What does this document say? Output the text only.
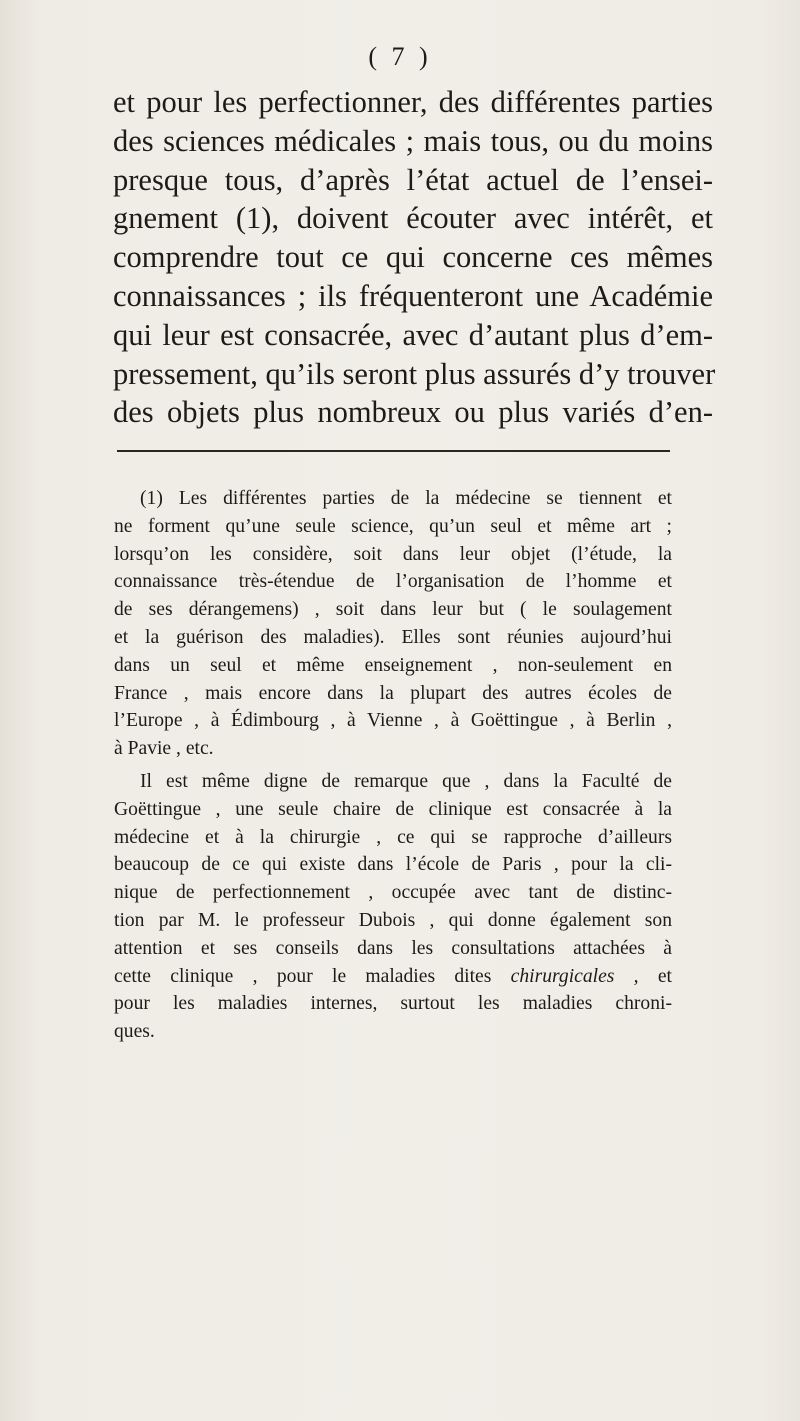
( 7 )
et pour les perfectionner, des différentes parties
des sciences médicales ; mais tous, ou du moins
presque tous, d’après l’état actuel de l’ensei-
gnement (1), doivent écouter avec intérêt, et
comprendre tout ce qui concerne ces mêmes
connaissances ; ils fréquenteront une Académie
qui leur est consacrée, avec d’autant plus d’em-
pressement, qu’ils seront plus assurés d’y trouver
des objets plus nombreux ou plus variés d’en-
(1) Les différentes parties de la médecine se tiennent et
ne forment qu’une seule science, qu’un seul et même art ;
lorsqu’on les considère, soit dans leur objet (l’étude, la
connaissance très-étendue de l’organisation de l’homme et
de ses dérangemens) , soit dans leur but ( le soulagement
et la guérison des maladies). Elles sont réunies aujourd’hui
dans un seul et même enseignement , non-seulement en
France , mais encore dans la plupart des autres écoles de
l’Europe , à Édimbourg , à Vienne , à Goëttingue , à Berlin ,
à Pavie , etc.
Il est même digne de remarque que , dans la Faculté de
Goëttingue , une seule chaire de clinique est consacrée à la
médecine et à la chirurgie , ce qui se rapproche d’ailleurs
beaucoup de ce qui existe dans l’école de Paris , pour la cli-
nique de perfectionnement , occupée avec tant de distinc-
tion par M. le professeur Dubois , qui donne également son
attention et ses conseils dans les consultations attachées à
cette clinique , pour le maladies dites chirurgicales , et
pour les maladies internes, surtout les maladies chroni-
ques.
